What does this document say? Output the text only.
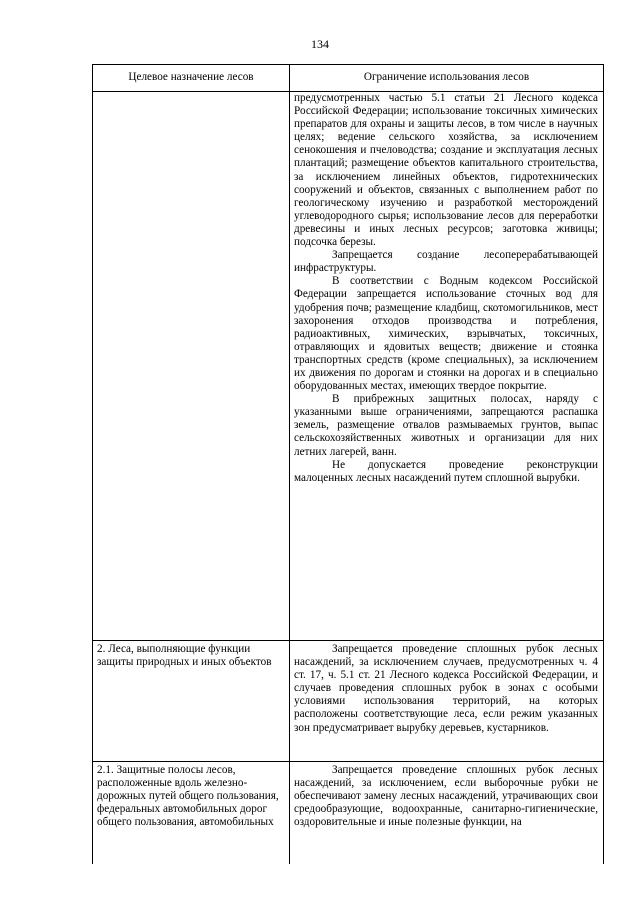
134
Целевое назначение лесов	Ограничение использования лесов

	предусмотренных частью 5.1 статьи 21 Лесного кодекса Российской Федерации; использование токсичных химических препаратов для охраны и защиты лесов, в том числе в научных целях; ведение сельского хозяйства, за исключением сенокошения и пчеловодства; создание и эксплуатация лесных плантаций; размещение объектов капитального строительства, за исключением линейных объектов, гидротехнических сооружений и объектов, связанных с выполнением работ по геологическому изучению и разработкой месторождений углеводородного сырья; использование лесов для переработки древесины и иных лесных ресурсов; заготовка живицы; подсочка березы.

Запрещается создание лесоперерабатывающей инфраструктуры.

В соответствии с Водным кодексом Российской Федерации запрещается использование сточных вод для удобрения почв; размещение кладбищ, скотомогильников, мест захоронения отходов производства и потребления, радиоактивных, химических, взрывчатых, токсичных, отравляющих и ядовитых веществ; движение и стоянка транспортных средств (кроме специальных), за исключением их движения по дорогам и стоянки на дорогах и в специально оборудованных местах, имеющих твердое покрытие.

В прибрежных защитных полосах, наряду с указанными выше ограничениями, запрещаются распашка земель, размещение отвалов размываемых грунтов, выпас сельскохозяйственных животных и организации для них летних лагерей, ванн.

Не допускается проведение реконструкции малоценных лесных насаждений путем сплошной вырубки.

2. Леса, выполняющие функции защиты природных и иных объектов	Запрещается проведение сплошных рубок лесных насаждений, за исключением случаев, предусмотренных ч. 4 ст. 17, ч. 5.1 ст. 21 Лесного кодекса Российской Федерации, и случаев проведения сплошных рубок в зонах с особыми условиями использования территорий, на которых расположены соответствующие леса, если режим указанных зон предусматривает вырубку деревьев, кустарников.

2.1. Защитные полосы лесов, расположенные вдоль железно-дорожных путей общего пользования, федеральных автомобильных дорог общего пользования, автомобильных	Запрещается проведение сплошных рубок лесных насаждений, за исключением, если выборочные рубки не обеспечивают замену лесных насаждений, утрачивающих свои средообразующие, водоохранные, санитарно-гигиенические, оздоровительные и иные полезные функции, на
